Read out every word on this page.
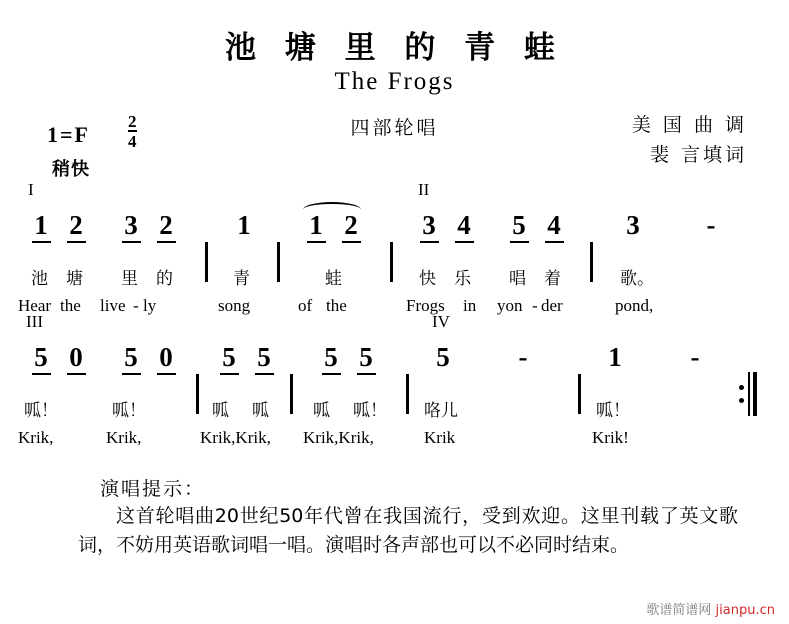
池 塘 里 的 青 蛙
The Frogs
四部轮唱	美 国 曲 调
裴 言填词
$1=F \frac{2}{4}$
稍快
I	II
1 2 3 2 1 1 2 3 4 5 4 3 -
池 塘 里 的	青	蛙	快 乐 唱 着	歌。
Hear the live - ly	song	of the	Frogs in yon - der	pond,
III	IV
5 0 5 0 5 5 5 5 5	1
-	-
呱！	呱！	呱 呱	呱 呱！ 咯儿	呱！
Krik,	Krik,	Krik,Krik, Krik,Krik,	Krik	Krik!
演唱提示：
这首轮唱曲20世纪50年代曾在我国流行，受到欢迎。这里刊载了英文歌词，不妨用英语歌词唱一唱。演唱时各声部也可以不必同时结束。
歌谱简谱网 jianpu.cn
